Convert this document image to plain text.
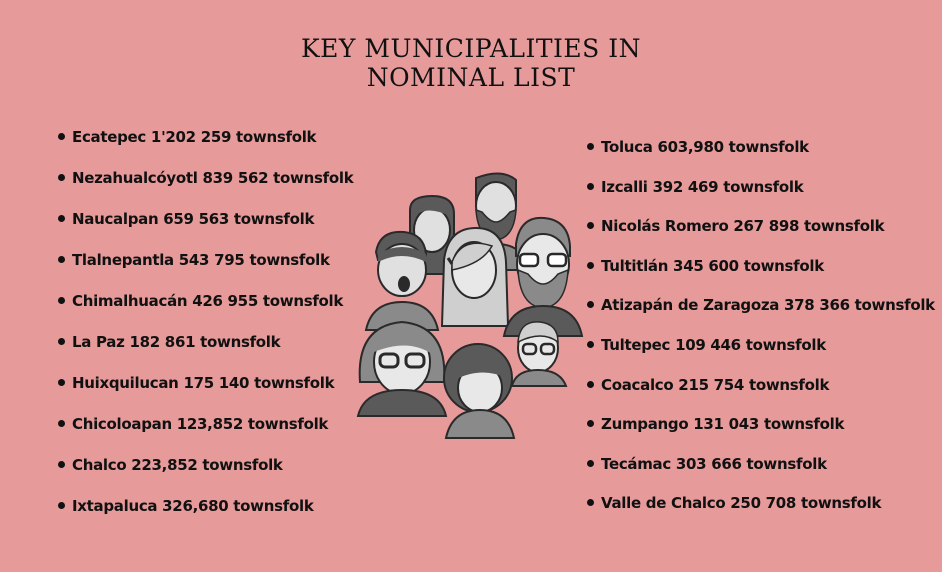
KEY MUNICIPALITIES IN
NOMINAL LIST
Ecatepec 1'202 259 townsfolk
Nezahualcóyotl 839 562 townsfolk
Naucalpan 659 563 townsfolk
Tlalnepantla 543 795 townsfolk
Chimalhuacán 426 955 townsfolk
La Paz 182 861 townsfolk
Huixquilucan 175 140 townsfolk
Chicoloapan 123,852 townsfolk
Chalco 223,852 townsfolk
Ixtapaluca 326,680 townsfolk
Toluca 603,980 townsfolk
Izcalli 392 469 townsfolk
Nicolás Romero 267 898 townsfolk
Tultitlán 345 600 townsfolk
Atizapán de Zaragoza 378 366 townsfolk
Tultepec 109 446 townsfolk
Coacalco 215 754 townsfolk
Zumpango 131 043 townsfolk
Tecámac 303 666 townsfolk
Valle de Chalco 250 708 townsfolk
